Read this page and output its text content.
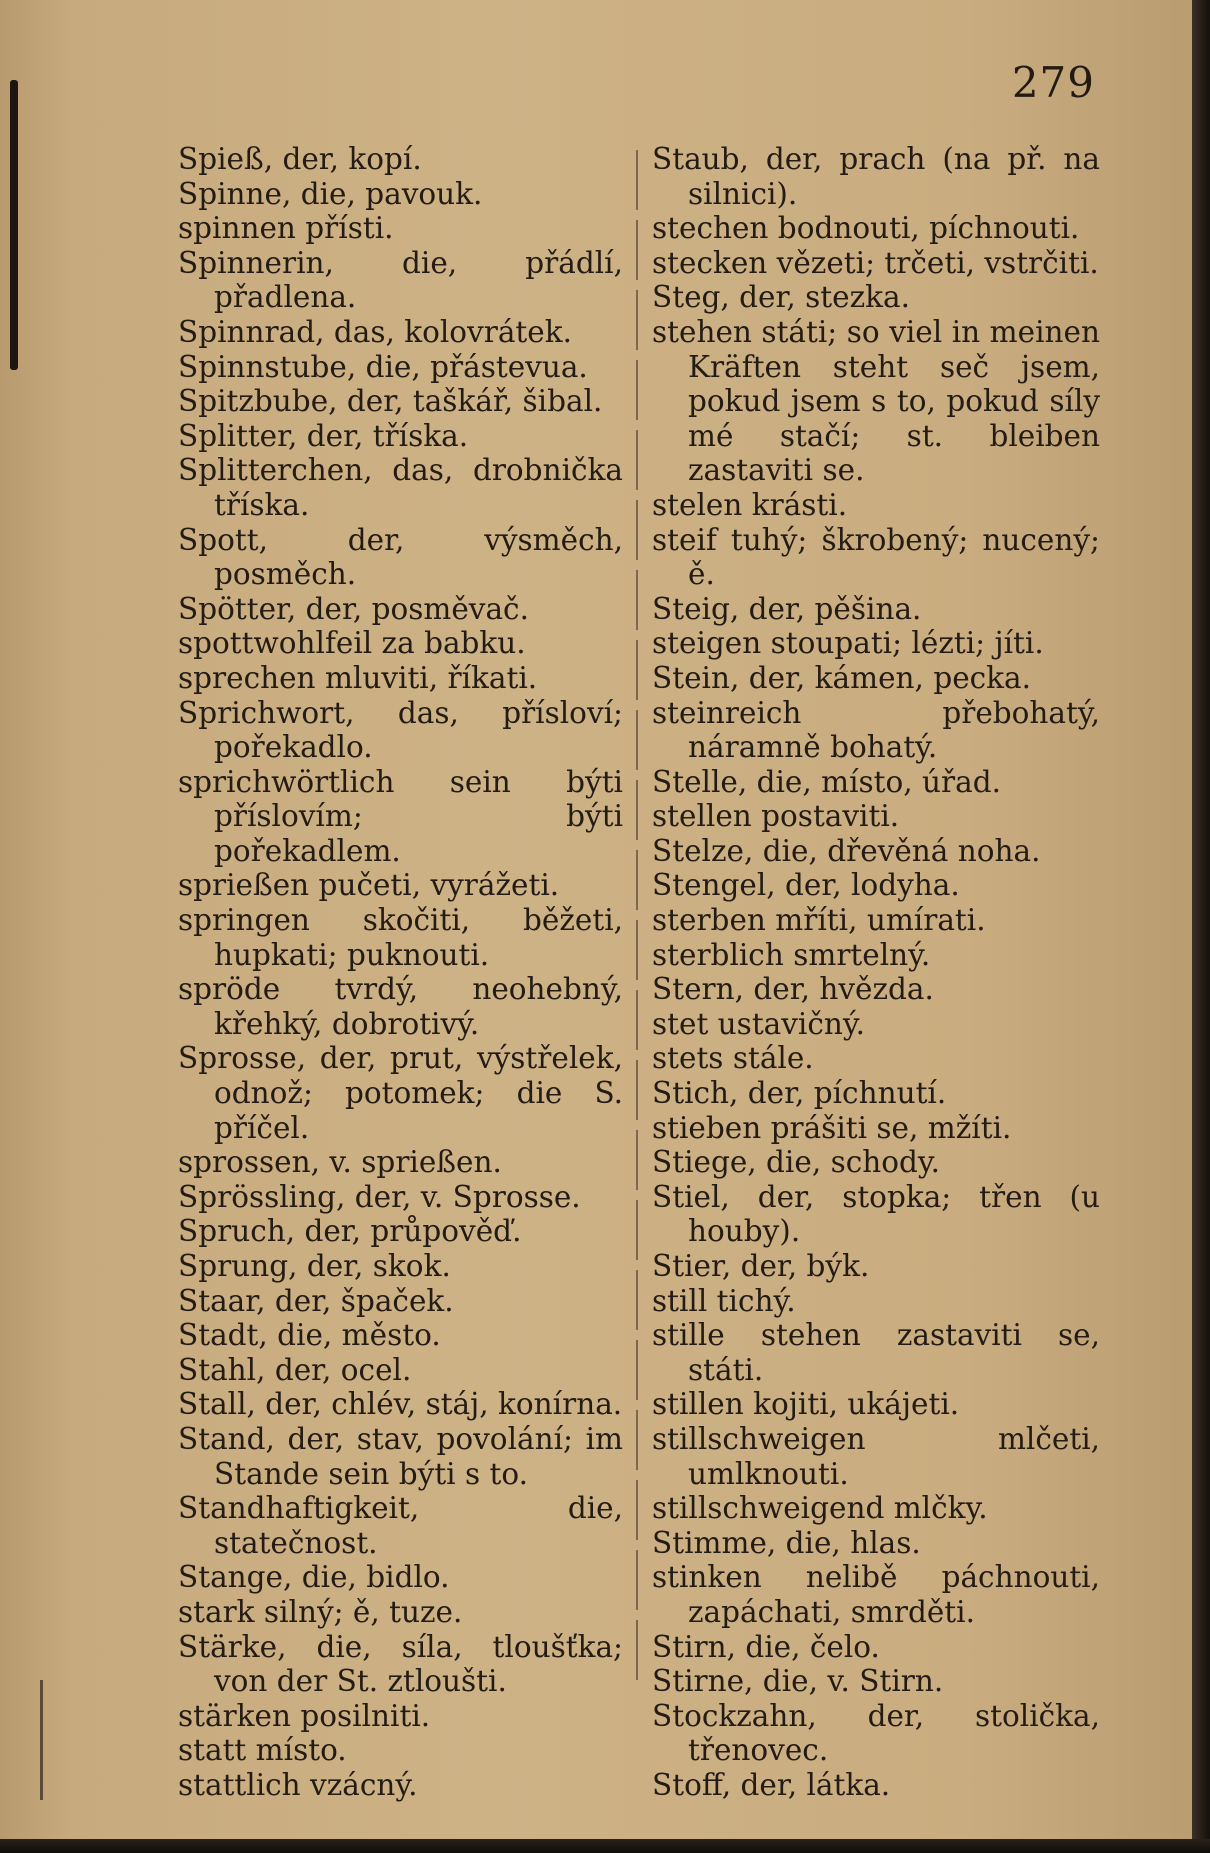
279

Spieß, der, kopí.

Spinne, die, pavouk.

spinnen přísti.

Spinnerin, die, přádlí, přadlena.

Spinnrad, das, kolovrátek.

Spinnstube, die, přástevua.

Spitzbube, der, taškář, šibal.

Splitter, der, tříska.

Splitterchen, das, drobnička tříska.

Spott, der, výsměch, posměch.

Spötter, der, posměvač.

spottwohlfeil za babku.

sprechen mluviti, říkati.

Sprichwort, das, přísloví; pořekadlo.

sprichwörtlich sein býti příslovím; býti pořekadlem.

sprießen pučeti, vyrážeti.

springen skočiti, běžeti, hupkati; puknouti.

spröde tvrdý, neohebný, křehký, dobrotivý.

Sprosse, der, prut, výstřelek, odnož; potomek; die S. příčel.

sprossen, v. sprießen.

Sprössling, der, v. Sprosse.

Spruch, der, průpověď.

Sprung, der, skok.

Staar, der, špaček.

Stadt, die, město.

Stahl, der, ocel.

Stall, der, chlév, stáj, konírna.

Stand, der, stav, povolání; im Stande sein býti s to.

Standhaftigkeit, die, statečnost.

Stange, die, bidlo.

stark silný; ě, tuze.

Stärke, die, síla, tloušťka; von der St. ztloušti.

stärken posilniti.

statt místo.

stattlich vzácný.

Staub, der, prach (na př. na silnici).

stechen bodnouti, píchnouti.

stecken vězeti; trčeti, vstrčiti.

Steg, der, stezka.

stehen státi; so viel in meinen Kräften steht seč jsem, pokud jsem s to, pokud síly mé stačí; st. bleiben zastaviti se.

stelen krásti.

steif tuhý; škrobený; nucený; ě.

Steig, der, pěšina.

steigen stoupati; lézti; jíti.

Stein, der, kámen, pecka.

steinreich přebohatý, náramně bohatý.

Stelle, die, místo, úřad.

stellen postaviti.

Stelze, die, dřevěná noha.

Stengel, der, lodyha.

sterben mříti, umírati.

sterblich smrtelný.

Stern, der, hvězda.

stet ustavičný.

stets stále.

Stich, der, píchnutí.

stieben prášiti se, mžíti.

Stiege, die, schody.

Stiel, der, stopka; třen (u houby).

Stier, der, býk.

still tichý.

stille stehen zastaviti se, státi.

stillen kojiti, ukájeti.

stillschweigen mlčeti, umlknouti.

stillschweigend mlčky.

Stimme, die, hlas.

stinken nelibě páchnouti, zapáchati, smrděti.

Stirn, die, čelo.

Stirne, die, v. Stirn.

Stockzahn, der, stolička, třenovec.

Stoff, der, látka.
